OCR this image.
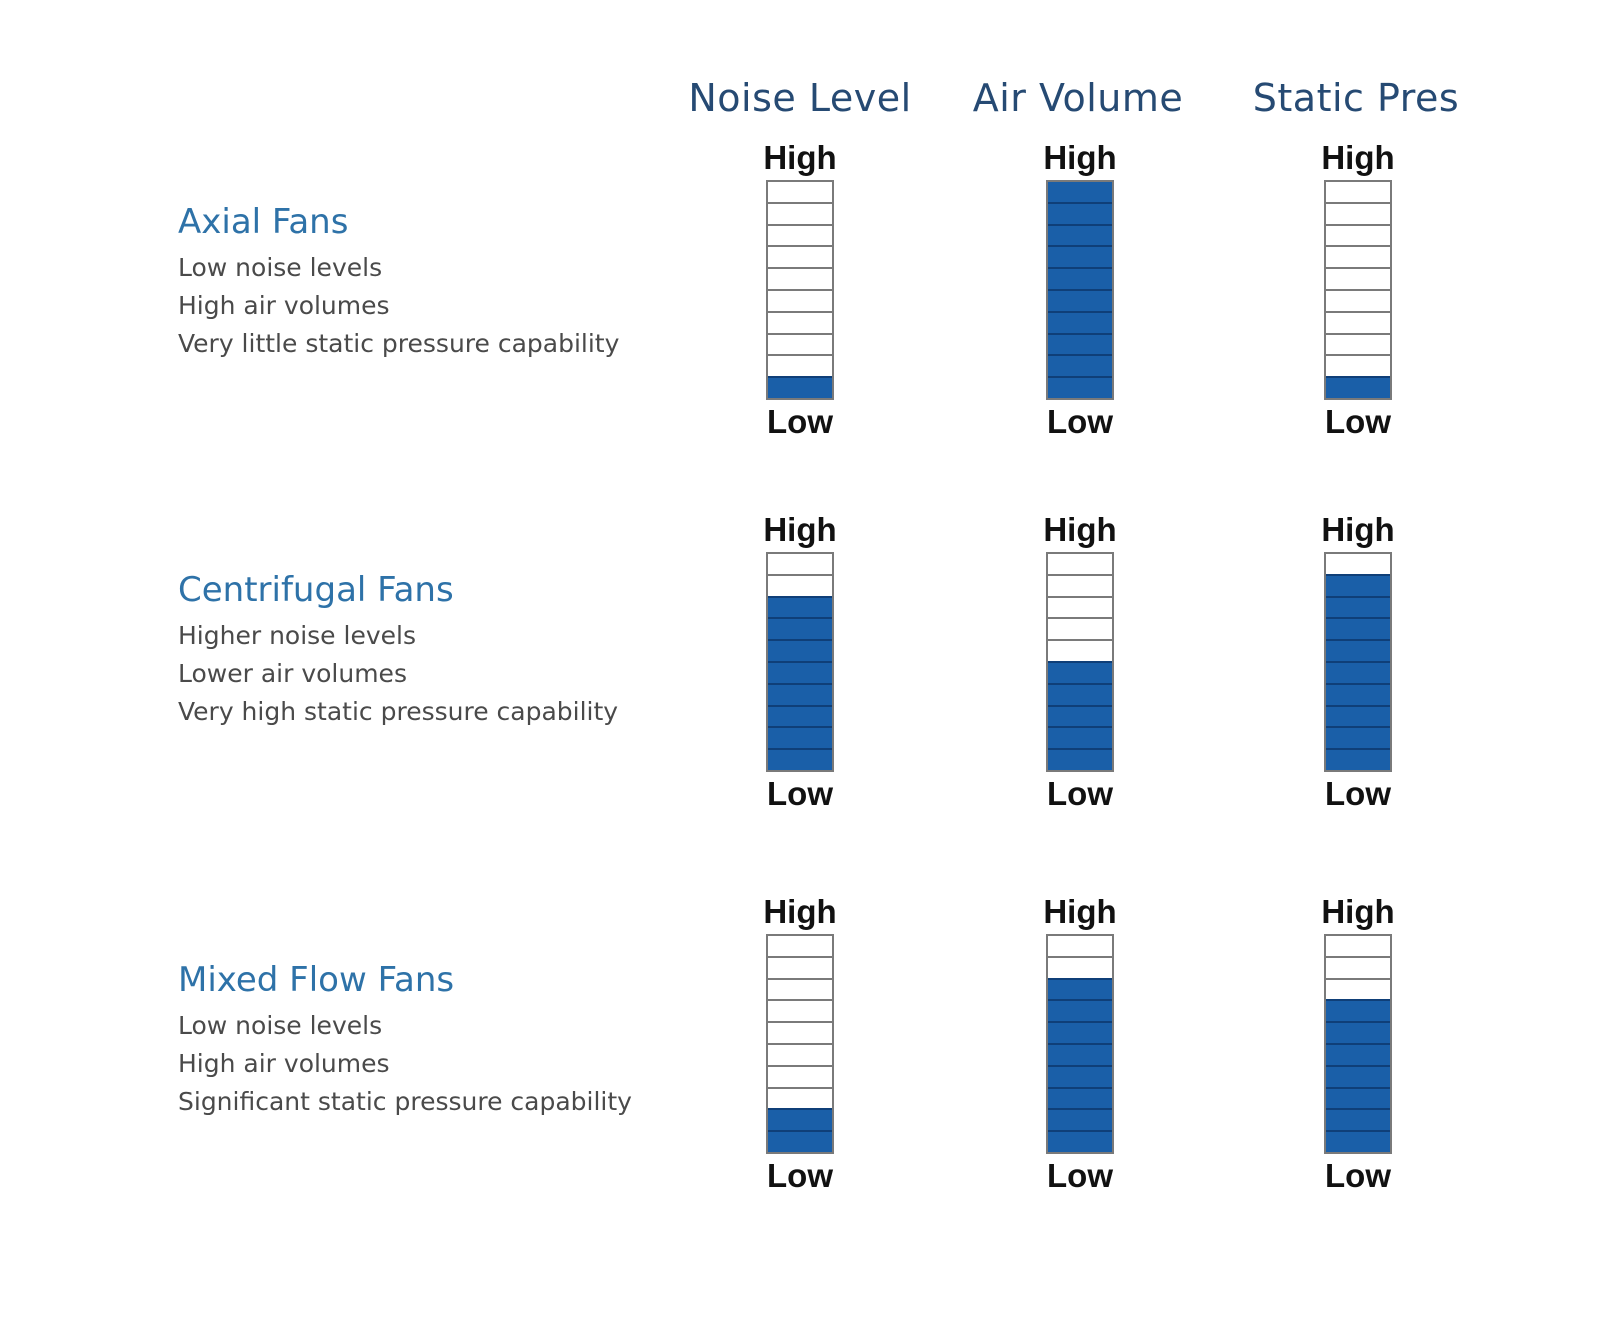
Noise Level	Air Volume	Static Pres
Axial Fans
Low noise levels
High air volumes
Very little static pressure capability
High
Low
High
Low
High
Low
Centrifugal Fans
Higher noise levels
Lower air volumes
Very high static pressure capability
High
Low
High
Low
High
Low
Mixed Flow Fans
Low noise levels
High air volumes
Significant static pressure capability
High
Low
High
Low
High
Low
